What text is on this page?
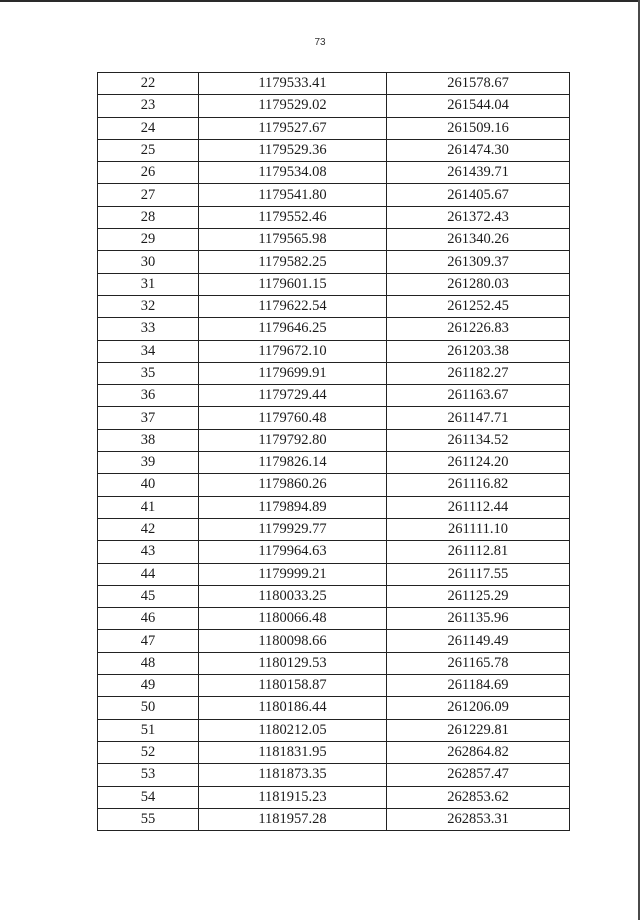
73
22	1179533.41	261578.67
23	1179529.02	261544.04
24	1179527.67	261509.16
25	1179529.36	261474.30
26	1179534.08	261439.71
27	1179541.80	261405.67
28	1179552.46	261372.43
29	1179565.98	261340.26
30	1179582.25	261309.37
31	1179601.15	261280.03
32	1179622.54	261252.45
33	1179646.25	261226.83
34	1179672.10	261203.38
35	1179699.91	261182.27
36	1179729.44	261163.67
37	1179760.48	261147.71
38	1179792.80	261134.52
39	1179826.14	261124.20
40	1179860.26	261116.82
41	1179894.89	261112.44
42	1179929.77	261111.10
43	1179964.63	261112.81
44	1179999.21	261117.55
45	1180033.25	261125.29
46	1180066.48	261135.96
47	1180098.66	261149.49
48	1180129.53	261165.78
49	1180158.87	261184.69
50	1180186.44	261206.09
51	1180212.05	261229.81
52	1181831.95	262864.82
53	1181873.35	262857.47
54	1181915.23	262853.62
55	1181957.28	262853.31
